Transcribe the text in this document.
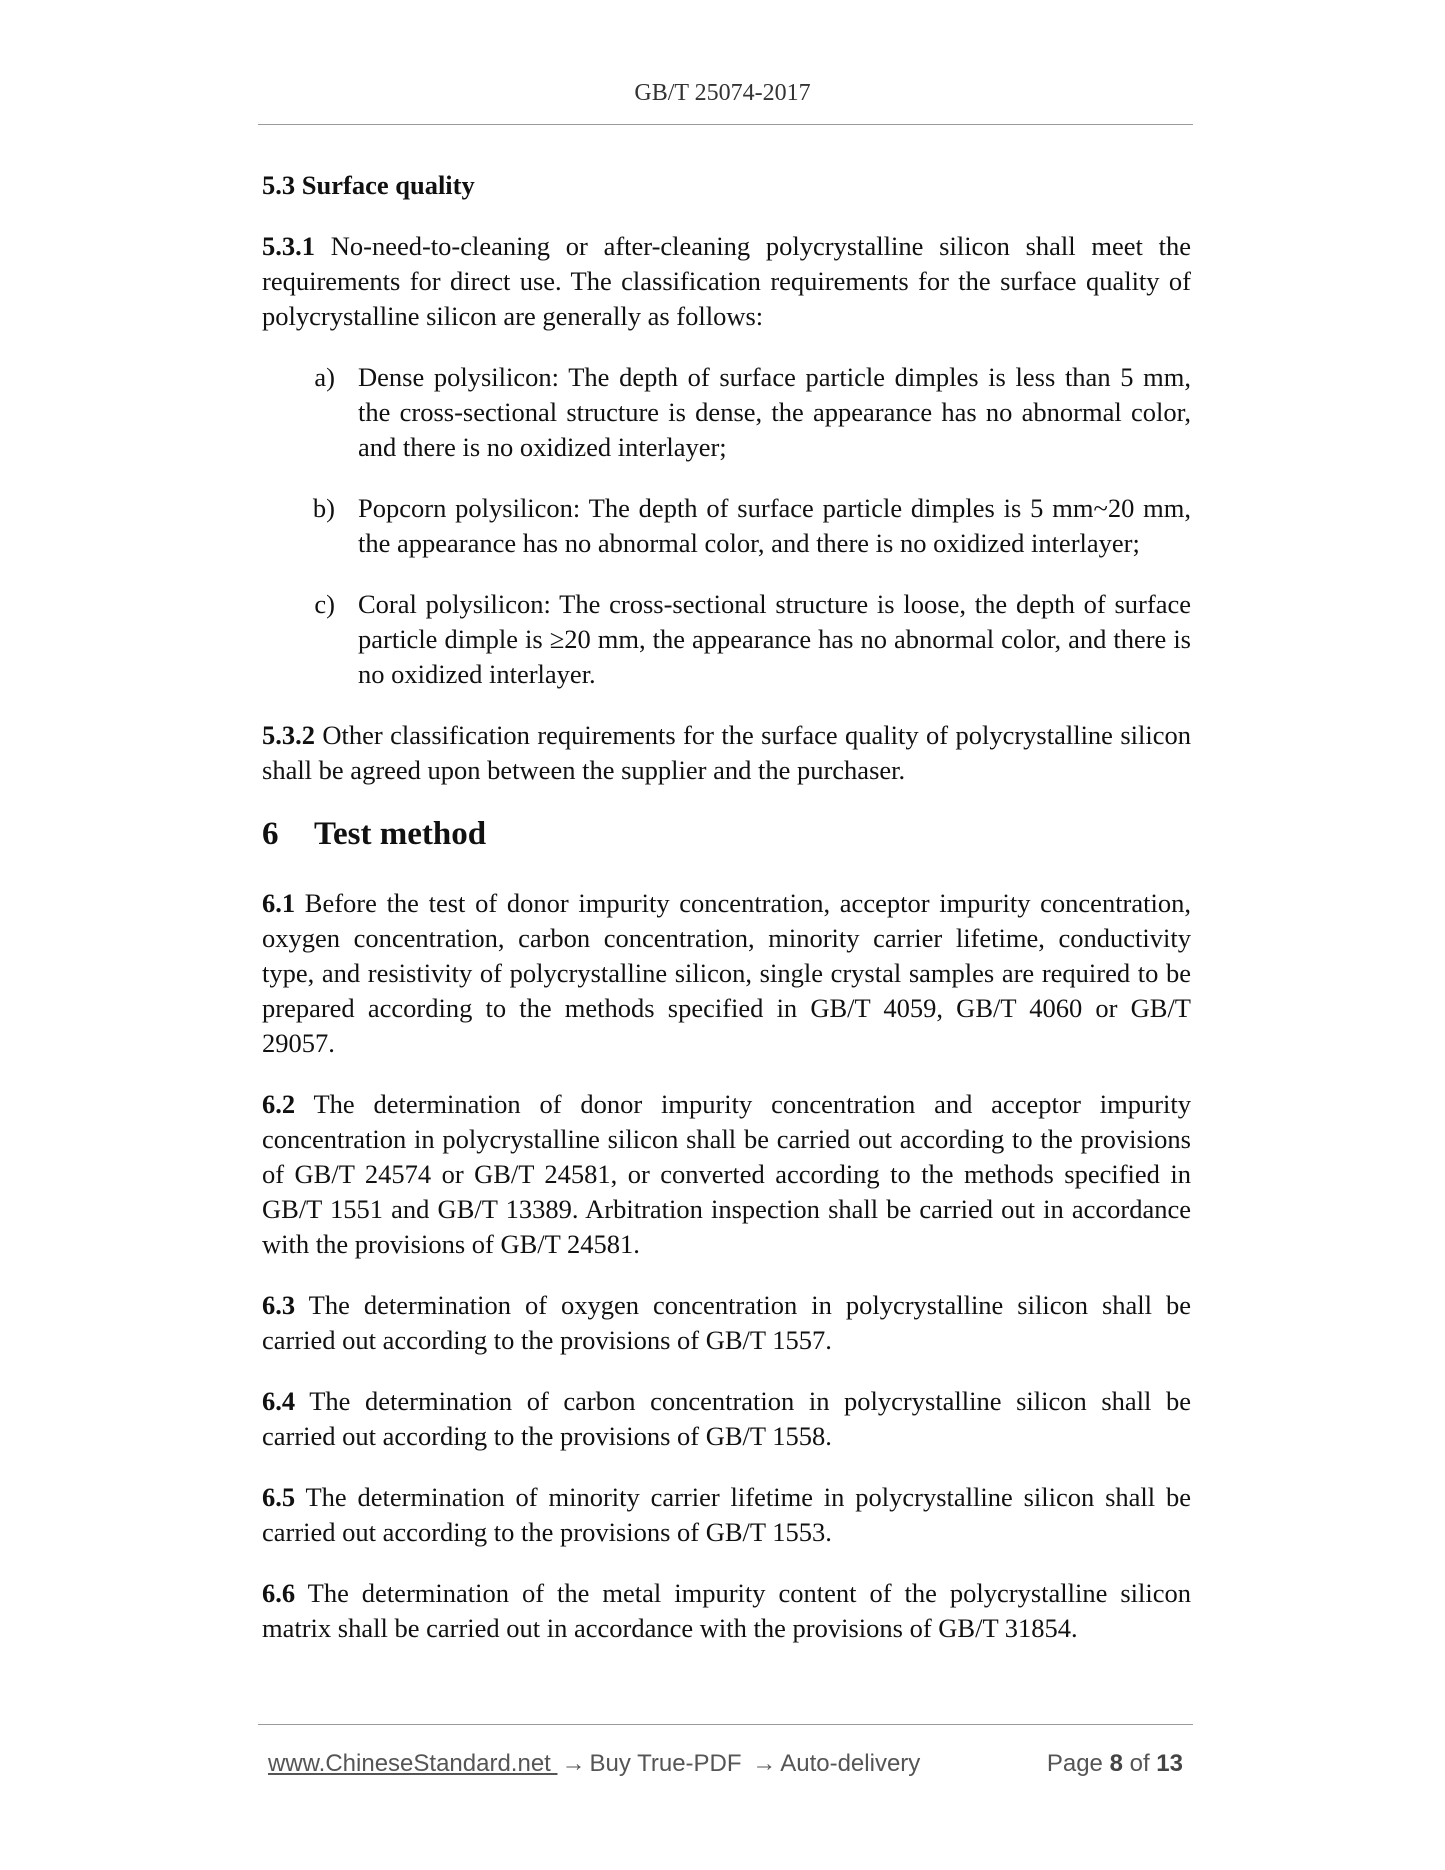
GB/T 25074-2017

5.3 Surface quality

5.3.1 No-need-to-cleaning or after-cleaning polycrystalline silicon shall meet the requirements for direct use. The classification requirements for the surface quality of polycrystalline silicon are generally as follows:

a) Dense polysilicon: The depth of surface particle dimples is less than 5 mm, the cross-sectional structure is dense, the appearance has no abnormal color, and there is no oxidized interlayer;
b) Popcorn polysilicon: The depth of surface particle dimples is 5 mm~20 mm, the appearance has no abnormal color, and there is no oxidized interlayer;
c) Coral polysilicon: The cross-sectional structure is loose, the depth of surface particle dimple is ≥20 mm, the appearance has no abnormal color, and there is no oxidized interlayer.

5.3.2 Other classification requirements for the surface quality of polycrystalline silicon shall be agreed upon between the supplier and the purchaser.

6 Test method

6.1 Before the test of donor impurity concentration, acceptor impurity concentration, oxygen concentration, carbon concentration, minority carrier lifetime, conductivity type, and resistivity of polycrystalline silicon, single crystal samples are required to be prepared according to the methods specified in GB/T 4059, GB/T 4060 or GB/T 29057.

6.2 The determination of donor impurity concentration and acceptor impurity concentration in polycrystalline silicon shall be carried out according to the provisions of GB/T 24574 or GB/T 24581, or converted according to the methods specified in GB/T 1551 and GB/T 13389. Arbitration inspection shall be carried out in accordance with the provisions of GB/T 24581.

6.3 The determination of oxygen concentration in polycrystalline silicon shall be carried out according to the provisions of GB/T 1557.

6.4 The determination of carbon concentration in polycrystalline silicon shall be carried out according to the provisions of GB/T 1558.

6.5 The determination of minority carrier lifetime in polycrystalline silicon shall be carried out according to the provisions of GB/T 1553.

6.6 The determination of the metal impurity content of the polycrystalline silicon matrix shall be carried out in accordance with the provisions of GB/T 31854.

www.ChineseStandard.net → Buy True-PDF → Auto-delivery	Page 8 of 13
